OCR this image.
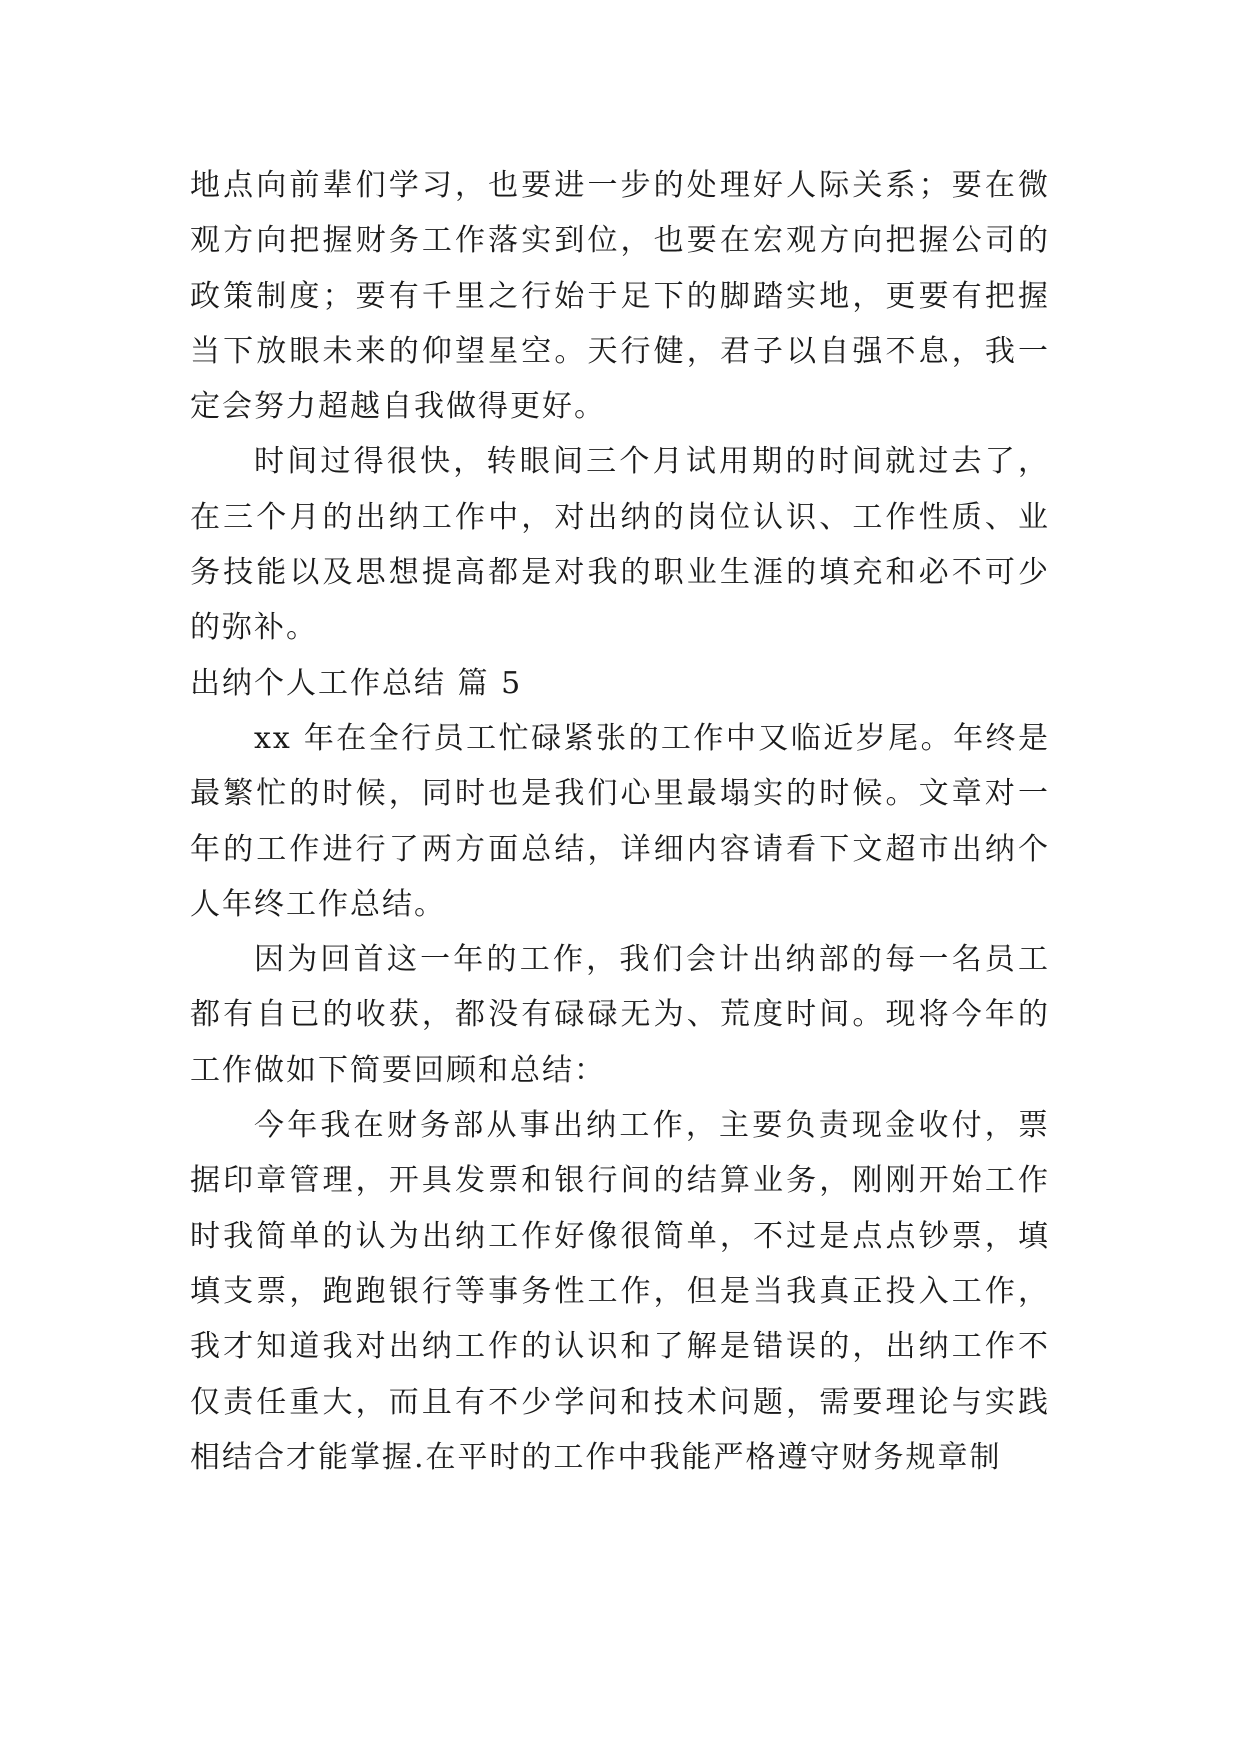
地点向前辈们学习，也要进一步的处理好人际关系；要在微观方向把握财务工作落实到位，也要在宏观方向把握公司的政策制度；要有千里之行始于足下的脚踏实地，更要有把握当下放眼未来的仰望星空。天行健，君子以自强不息，我一定会努力超越自我做得更好。

时间过得很快，转眼间三个月试用期的时间就过去了，在三个月的出纳工作中，对出纳的岗位认识、工作性质、业务技能以及思想提高都是对我的职业生涯的填充和必不可少的弥补。

出纳个人工作总结 篇 5

xx 年在全行员工忙碌紧张的工作中又临近岁尾。年终是最繁忙的时候，同时也是我们心里最塌实的时候。文章对一年的工作进行了两方面总结，详细内容请看下文超市出纳个人年终工作总结。

因为回首这一年的工作，我们会计出纳部的每一名员工都有自已的收获，都没有碌碌无为、荒度时间。现将今年的工作做如下简要回顾和总结：

今年我在财务部从事出纳工作，主要负责现金收付，票据印章管理，开具发票和银行间的结算业务，刚刚开始工作时我简单的认为出纳工作好像很简单，不过是点点钞票，填填支票，跑跑银行等事务性工作，但是当我真正投入工作，我才知道我对出纳工作的认识和了解是错误的，出纳工作不仅责任重大，而且有不少学问和技术问题，需要理论与实践相结合才能掌握.在平时的工作中我能严格遵守财务规章制
